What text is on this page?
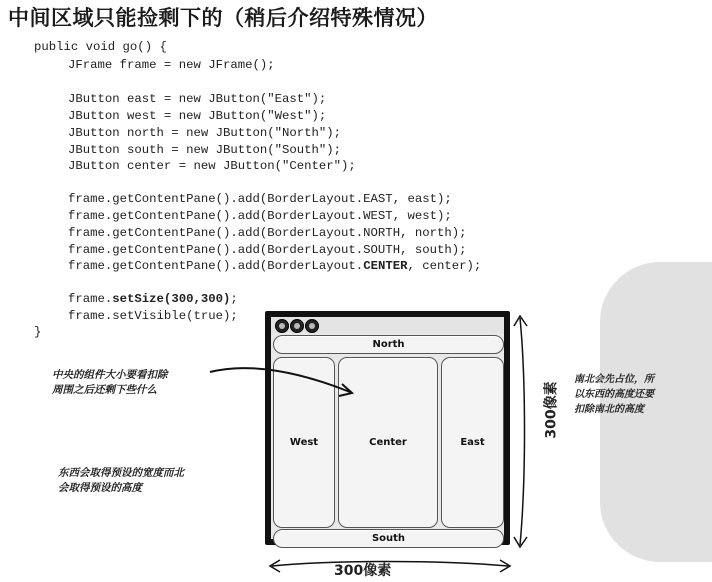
中间区域只能捡剩下的（稍后介绍特殊情况）
public void go() {
JFrame frame = new JFrame();
JButton east = new JButton("East");
JButton west = new JButton("West");
JButton north = new JButton("North");
JButton south = new JButton("South");
JButton center = new JButton("Center");
frame.getContentPane().add(BorderLayout.EAST, east);
frame.getContentPane().add(BorderLayout.WEST, west);
frame.getContentPane().add(BorderLayout.NORTH, north);
frame.getContentPane().add(BorderLayout.SOUTH, south);
frame.getContentPane().add(BorderLayout.CENTER, center);
frame.setSize(300,300);
frame.setVisible(true);
}
North
West	Center	East
South
中央的组件大小要看扣除
周围之后还剩下些什么
东西会取得预设的宽度而北
会取得预设的高度
南北会先占位，所
以东西的高度还要
扣除南北的高度
300像素
300像素
